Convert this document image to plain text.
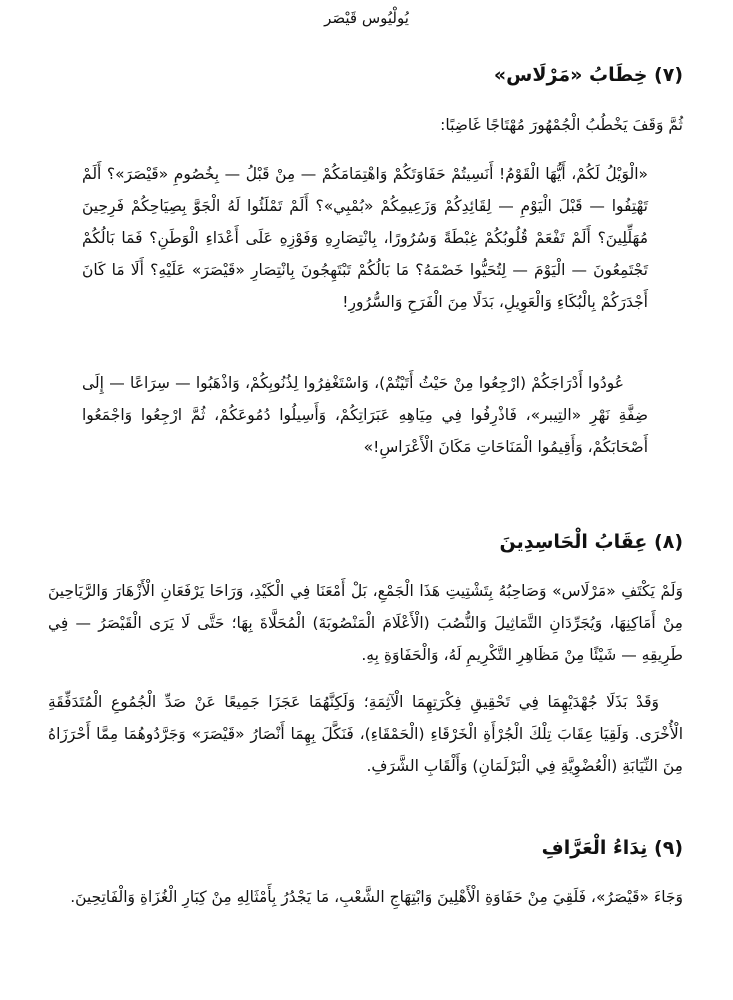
يُولْيُوس قَيْصَر
(٧) خِطَابُ «مَرْلَاس»
ثُمَّ وَقَفَ يَخْطُبُ الْجُمْهُورَ مُهْتَاجًا غَاضِبًا:
«الْوَيْلُ لَكُمْ، أَيُّهَا الْقَوْمُ! أَنَسِيتُمْ حَفَاوَتَكُمْ وَاهْتِمَامَكُمْ — مِنْ قَبْلُ — بِخُصُومِ «قَيْصَرَ»؟ أَلَمْ تَهْتِفُوا — قَبْلَ الْيَوْمِ — لِقَائِدِكُمْ وَزَعِيمِكُمْ «بُمْبِي»؟ أَلَمْ تَمْلَئُوا لَهُ الْجَوَّ بِصِيَاحِكُمْ فَرِحِينَ مُهَلِّلِينَ؟ أَلَمْ تَفْعَمْ قُلُوبُكُمْ غِبْطَةً وَسُرُورًا، بِانْتِصَارِهِ وَفَوْزِهِ عَلَى أَعْدَاءِ الْوَطَنِ؟ فَمَا بَالُكُمْ تَجْتَمِعُونَ — الْيَوْمَ — لِتُحَيُّوا خَصْمَهُ؟ مَا بَالُكُمْ تَبْتَهِجُونَ بِانْتِصَارِ «قَيْصَرَ» عَلَيْهِ؟ أَلَا مَا كَانَ أَجْدَرَكُمْ بِالْبُكَاءِ وَالْعَوِيلِ، بَدَلًا مِنَ الْفَرَحِ وَالسُّرُورِ!
عُودُوا أَدْرَاجَكُمْ (ارْجِعُوا مِنْ حَيْثُ أَتَيْتُمْ)، وَاسْتَغْفِرُوا لِذُنُوبِكُمْ، وَاذْهَبُوا — سِرَاعًا — إِلَى ضِفَّةِ نَهْرِ «التِيبر»، فَاذْرِفُوا فِي مِيَاهِهِ عَبَرَاتِكُمْ، وَأَسِيلُوا دُمُوعَكُمْ، ثُمَّ ارْجِعُوا وَاجْمَعُوا أَصْحَابَكُمْ، وَأَقِيمُوا الْمَنَاحَاتِ مَكَانَ الْأَعْرَاسِ!»
(٨) عِقَابُ الْحَاسِدِينَ
وَلَمْ يَكْتَفِ «مَرْلَاس» وَصَاحِبُهُ بِتَشْتِيتِ هَذَا الْجَمْعِ، بَلْ أَمْعَنَا فِي الْكَيْدِ، وَرَاحَا يَرْفَعَانِ الْأَزْهَارَ وَالرَّيَاحِينَ مِنْ أَمَاكِنِهَا، وَيُجَرِّدَانِ التَّمَاثِيلَ وَالنُّصُبَ (الْأَعْلَامَ الْمَنْصُوبَةَ) الْمُحَلَّاةَ بِهَا؛ حَتَّى لَا يَرَى الْقَيْصَرُ — فِي طَرِيقِهِ — شَيْئًا مِنْ مَظَاهِرِ التَّكْرِيمِ لَهُ، وَالْحَفَاوَةِ بِهِ.
وَقَدْ بَذَلَا جُهْدَيْهِمَا فِي تَحْقِيقِ فِكْرَتِهِمَا الْآثِمَةِ؛ وَلَكِنَّهُمَا عَجَزَا جَمِيعًا عَنْ صَدِّ الْجُمُوعِ الْمُتَدَفِّقَةِ الْأُخْرَى. وَلَقِيَا عِقَابَ تِلْكَ الْجُرْأَةِ الْخَرْقَاءِ (الْحَمْقَاءِ)، فَنَكَّلَ بِهِمَا أَنْصَارُ «قَيْصَرَ» وَجَرَّدُوهُمَا مِمَّا أَحْرَزَاهُ مِنَ النِّيَابَةِ (الْعُضْوِيَّةِ فِي الْبَرْلَمَانِ) وَأَلْقَابِ الشَّرَفِ.
(٩) نِدَاءُ الْعَرَّافِ
وَجَاءَ «قَيْصَرُ»، فَلَقِيَ مِنْ حَفَاوَةِ الْأَهْلِينَ وَابْتِهَاجِ الشَّعْبِ، مَا يَجْدُرُ بِأَمْثَالِهِ مِنْ كِبَارِ الْغُزَاةِ وَالْفَاتِحِينَ.
